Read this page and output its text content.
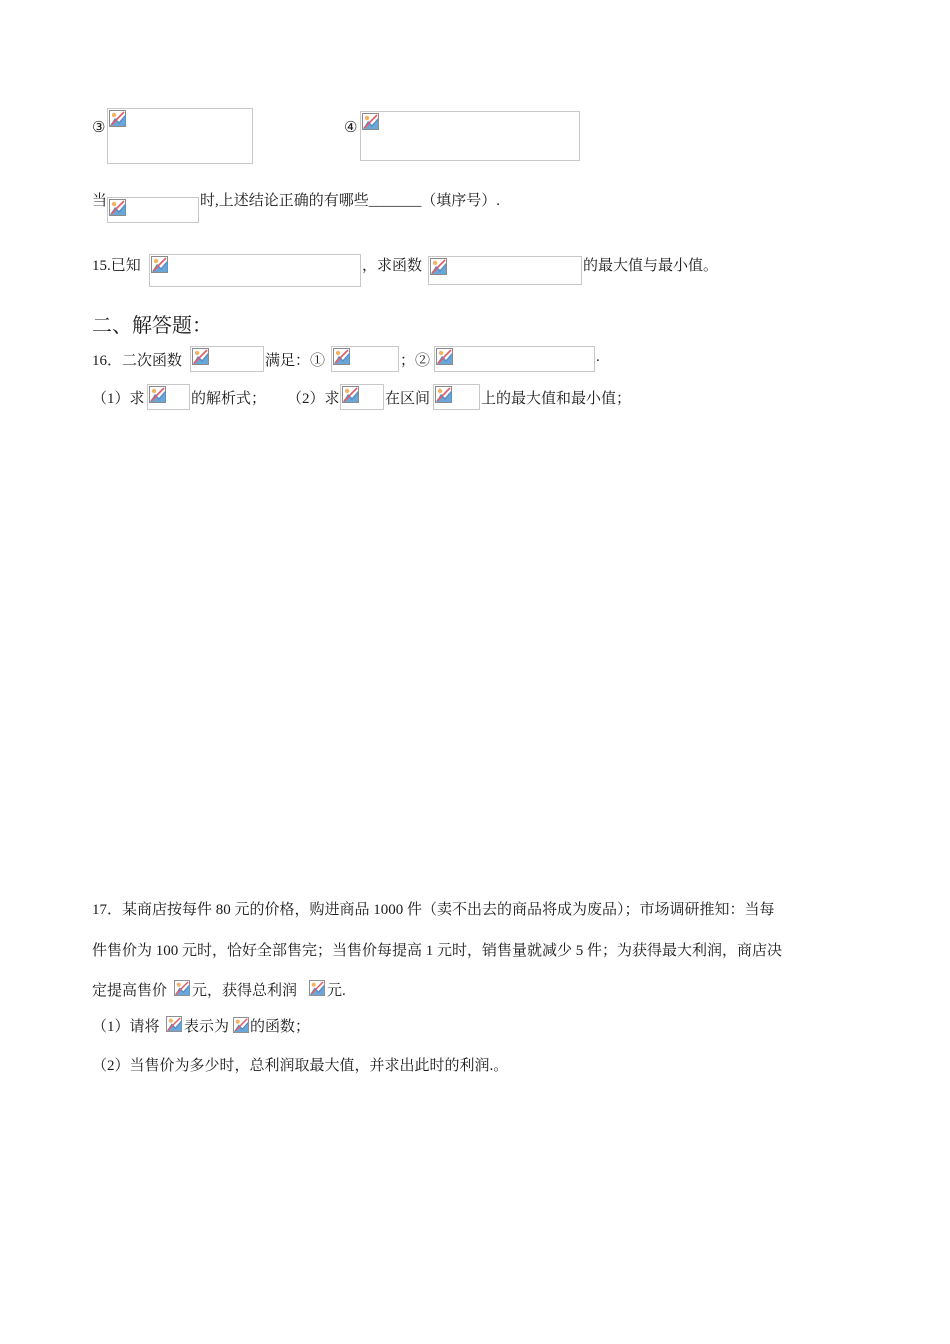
③	④
当	时,上述结论正确的有哪些_______（填序号）.
15.已知	，求函数	的最大值与最小值。
二、解答题：
16．二次函数	满足：①	；②	.
（1）求	的解析式； （2）求	在区间	上的最大值和最小值；
17．某商店按每件 80 元的价格，购进商品 1000 件（卖不出去的商品将成为废品）；市场调研推知：当每
件售价为 100 元时，恰好全部售完；当售价每提高 1 元时，销售量就减少 5 件；为获得最大利润，商店决
定提高售价 元，获得总利润 元.
（1）请将 表示为 的函数；
（2）当售价为多少时，总利润取最大值，并求出此时的利润.。
